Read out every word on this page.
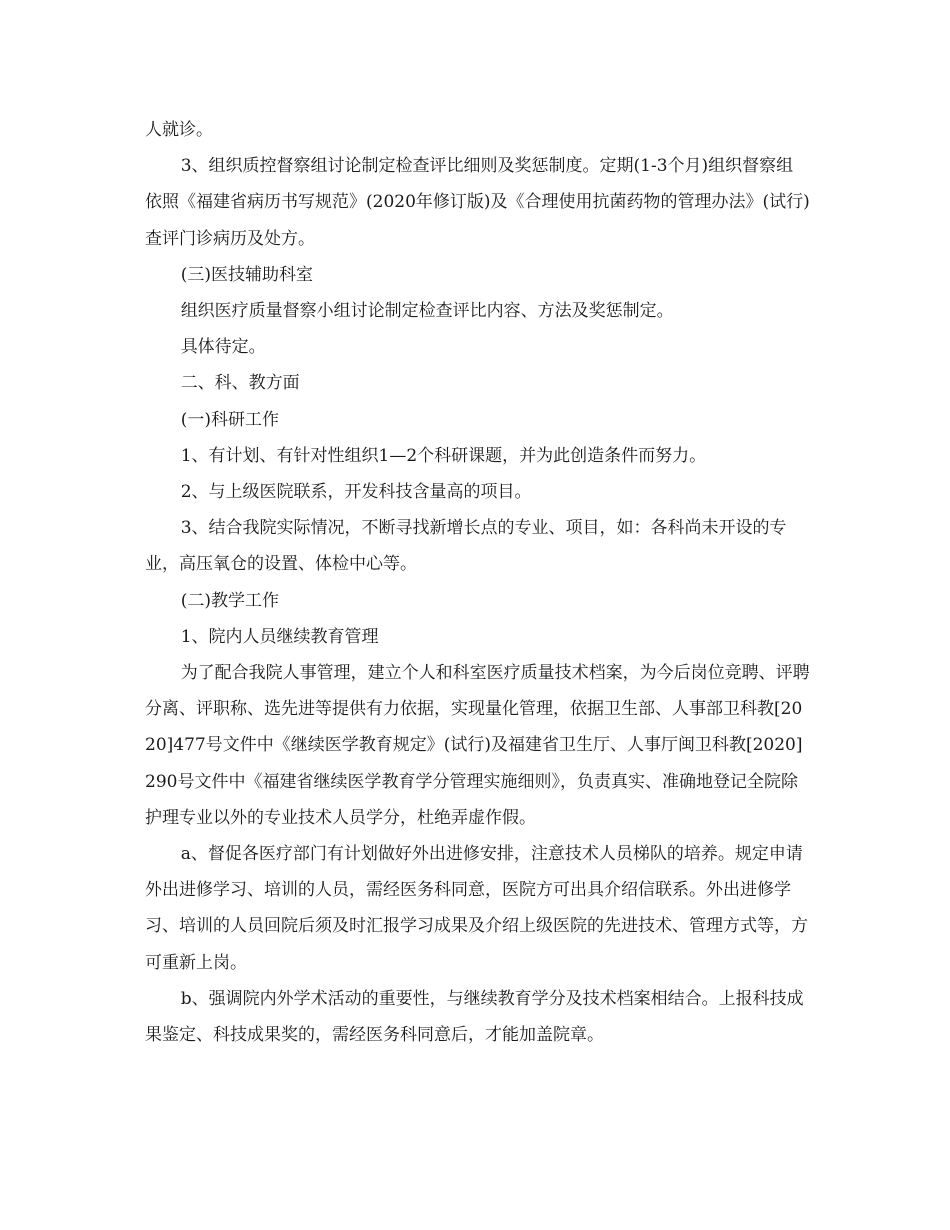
人就诊。

3、组织质控督察组讨论制定检查评比细则及奖惩制度。定期(1-3个月)组织督察组依照《福建省病历书写规范》(2020年修订版)及《合理使用抗菌药物的管理办法》(试行)查评门诊病历及处方。

(三)医技辅助科室

组织医疗质量督察小组讨论制定检查评比内容、方法及奖惩制定。

具体待定。

二、科、教方面

(一)科研工作

1、有计划、有针对性组织1—2个科研课题，并为此创造条件而努力。

2、与上级医院联系，开发科技含量高的项目。

3、结合我院实际情况，不断寻找新增长点的专业、项目，如：各科尚未开设的专业，高压氧仓的设置、体检中心等。

(二)教学工作

1、院内人员继续教育管理

为了配合我院人事管理，建立个人和科室医疗质量技术档案，为今后岗位竞聘、评聘分离、评职称、选先进等提供有力依据，实现量化管理，依据卫生部、人事部卫科教[2020]477号文件中《继续医学教育规定》(试行)及福建省卫生厅、人事厅闽卫科教[2020]290号文件中《福建省继续医学教育学分管理实施细则》，负责真实、准确地登记全院除护理专业以外的专业技术人员学分，杜绝弄虚作假。

a、督促各医疗部门有计划做好外出进修安排，注意技术人员梯队的培养。规定申请外出进修学习、培训的人员，需经医务科同意，医院方可出具介绍信联系。外出进修学习、培训的人员回院后须及时汇报学习成果及介绍上级医院的先进技术、管理方式等，方可重新上岗。

b、强调院内外学术活动的重要性，与继续教育学分及技术档案相结合。上报科技成果鉴定、科技成果奖的，需经医务科同意后，才能加盖院章。
